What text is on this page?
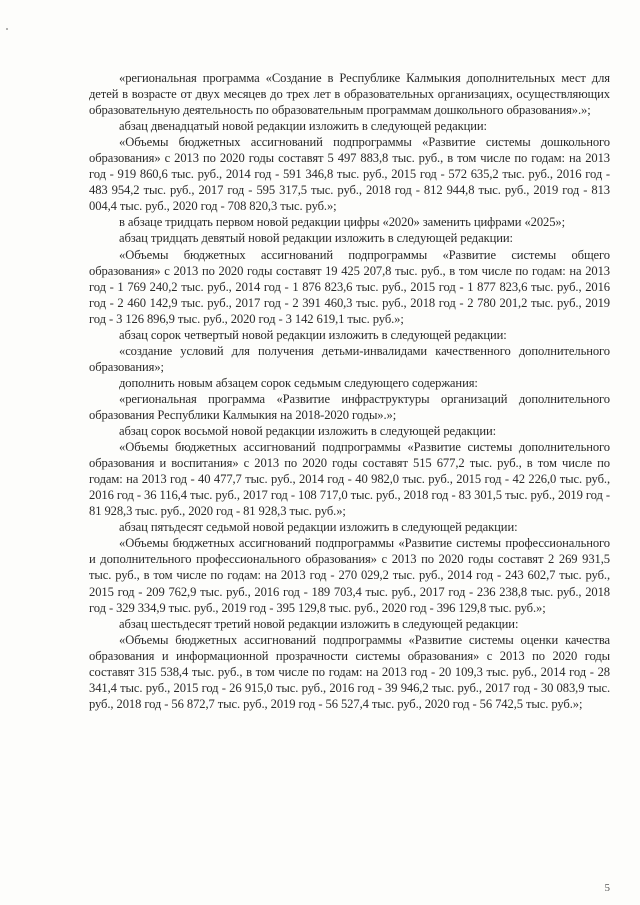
«региональная программа «Создание в Республике Калмыкия дополнительных мест для детей в возрасте от двух месяцев до трех лет в образовательных организациях, осуществляющих образовательную деятельность по образовательным программам дошкольного образования».»;

абзац двенадцатый новой редакции изложить в следующей редакции:

«Объемы бюджетных ассигнований подпрограммы «Развитие системы дошкольного образования» с 2013 по 2020 годы составят 5 497 883,8 тыс. руб., в том числе по годам: на 2013 год - 919 860,6 тыс. руб., 2014 год - 591 346,8 тыс. руб., 2015 год - 572 635,2 тыс. руб., 2016 год - 483 954,2 тыс. руб., 2017 год - 595 317,5 тыс. руб., 2018 год - 812 944,8 тыс. руб., 2019 год - 813 004,4 тыс. руб., 2020 год - 708 820,3 тыс. руб.»;

в абзаце тридцать первом новой редакции цифры «2020» заменить цифрами «2025»;

абзац тридцать девятый новой редакции изложить в следующей редакции:

«Объемы бюджетных ассигнований подпрограммы «Развитие системы общего образования» с 2013 по 2020 годы составят 19 425 207,8 тыс. руб., в том числе по годам: на 2013 год - 1 769 240,2 тыс. руб., 2014 год - 1 876 823,6 тыс. руб., 2015 год - 1 877 823,6 тыс. руб., 2016 год - 2 460 142,9 тыс. руб., 2017 год - 2 391 460,3 тыс. руб., 2018 год - 2 780 201,2 тыс. руб., 2019 год - 3 126 896,9 тыс. руб., 2020 год - 3 142 619,1 тыс. руб.»;

абзац сорок четвертый новой редакции изложить в следующей редакции:

«создание условий для получения детьми-инвалидами качественного дополнительного образования»;

дополнить новым абзацем сорок седьмым следующего содержания:

«региональная программа «Развитие инфраструктуры организаций дополнительного образования Республики Калмыкия на 2018-2020 годы».»;

абзац сорок восьмой новой редакции изложить в следующей редакции:

«Объемы бюджетных ассигнований подпрограммы «Развитие системы дополнительного образования и воспитания» с 2013 по 2020 годы составят 515 677,2 тыс. руб., в том числе по годам: на 2013 год - 40 477,7 тыс. руб., 2014 год - 40 982,0 тыс. руб., 2015 год - 42 226,0 тыс. руб., 2016 год - 36 116,4 тыс. руб., 2017 год - 108 717,0 тыс. руб., 2018 год - 83 301,5 тыс. руб., 2019 год - 81 928,3 тыс. руб., 2020 год - 81 928,3 тыс. руб.»;

абзац пятьдесят седьмой новой редакции изложить в следующей редакции:

«Объемы бюджетных ассигнований подпрограммы «Развитие системы профессионального и дополнительного профессионального образования» с 2013 по 2020 годы составят 2 269 931,5 тыс. руб., в том числе по годам: на 2013 год - 270 029,2 тыс. руб., 2014 год - 243 602,7 тыс. руб., 2015 год - 209 762,9 тыс. руб., 2016 год - 189 703,4 тыс. руб., 2017 год - 236 238,8 тыс. руб., 2018 год - 329 334,9 тыс. руб., 2019 год - 395 129,8 тыс. руб., 2020 год - 396 129,8 тыс. руб.»;

абзац шестьдесят третий новой редакции изложить в следующей редакции:

«Объемы бюджетных ассигнований подпрограммы «Развитие системы оценки качества образования и информационной прозрачности системы образования» с 2013 по 2020 годы составят 315 538,4 тыс. руб., в том числе по годам: на 2013 год - 20 109,3 тыс. руб., 2014 год - 28 341,4 тыс. руб., 2015 год - 26 915,0 тыс. руб., 2016 год - 39 946,2 тыс. руб., 2017 год - 30 083,9 тыс. руб., 2018 год - 56 872,7 тыс. руб., 2019 год - 56 527,4 тыс. руб., 2020 год - 56 742,5 тыс. руб.»;

5
